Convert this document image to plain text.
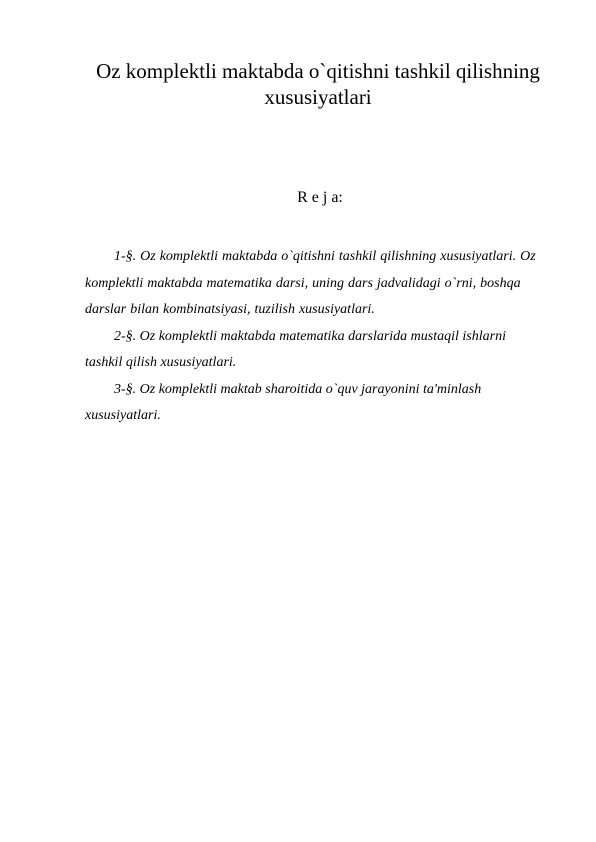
Oz komplektli maktabda o`qitishni tashkil qilishning xususiyatlari

R e j a:

1-§. Oz komplektli maktabda o`qitishni tashkil qilishning xususiyatlari. Oz komplektli maktabda matematika darsi, uning dars jadvalidagi o`rni, boshqa darslar bilan kombinatsiyasi, tuzilish xususiyatlari.
2-§. Oz komplektli maktabda matematika darslarida mustaqil ishlarni tashkil qilish xususiyatlari.
3-§. Oz komplektli maktab sharoitida o`quv jarayonini ta'minlash xususiyatlari.
